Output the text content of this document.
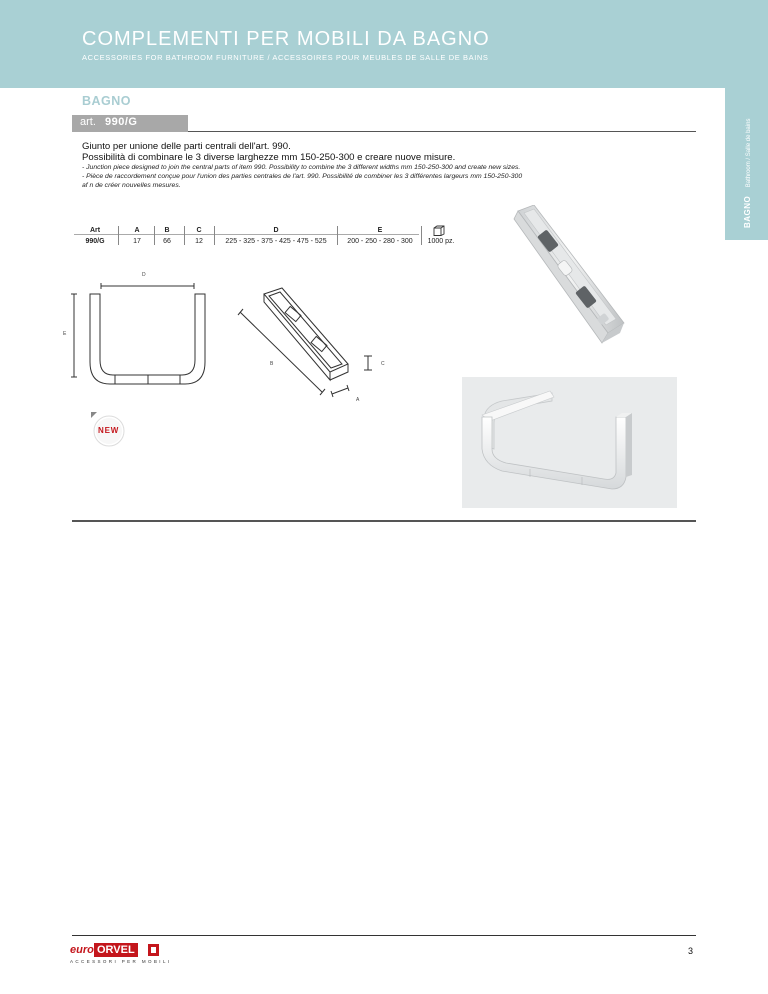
COMPLEMENTI PER MOBILI DA BAGNO
ACCESSORIES FOR BATHROOM FURNITURE / ACCESSOIRES POUR MEUBLES DE SALLE DE BAINS
BAGNO Bathroom / Salle de bains
BAGNO
art. 990/G
Giunto per unione delle parti centrali dell'art. 990.
Possibilità di combinare le 3 diverse larghezze mm 150-250-300 e creare nuove misure.
- Junction piece designed to join the central parts of item 990. Possibility to combine the 3 different widths mm 150-250-300 and create new sizes.
- Pièce de raccordement conçue pour l'union des parties centrales de l'art. 990. Possibilité de combiner les 3 différentes largeurs mm 150-250-300
af n de créer nouvelles mesures.
Art	A	B	C	D	E
990/G	17	66	12	225 - 325 - 375 - 425 - 475 - 525	200 - 250 - 280 - 300	1000 pz.
D
E
B	C
A
NEW
euro ORVEL
ACCESSORI PER MOBILI
3
